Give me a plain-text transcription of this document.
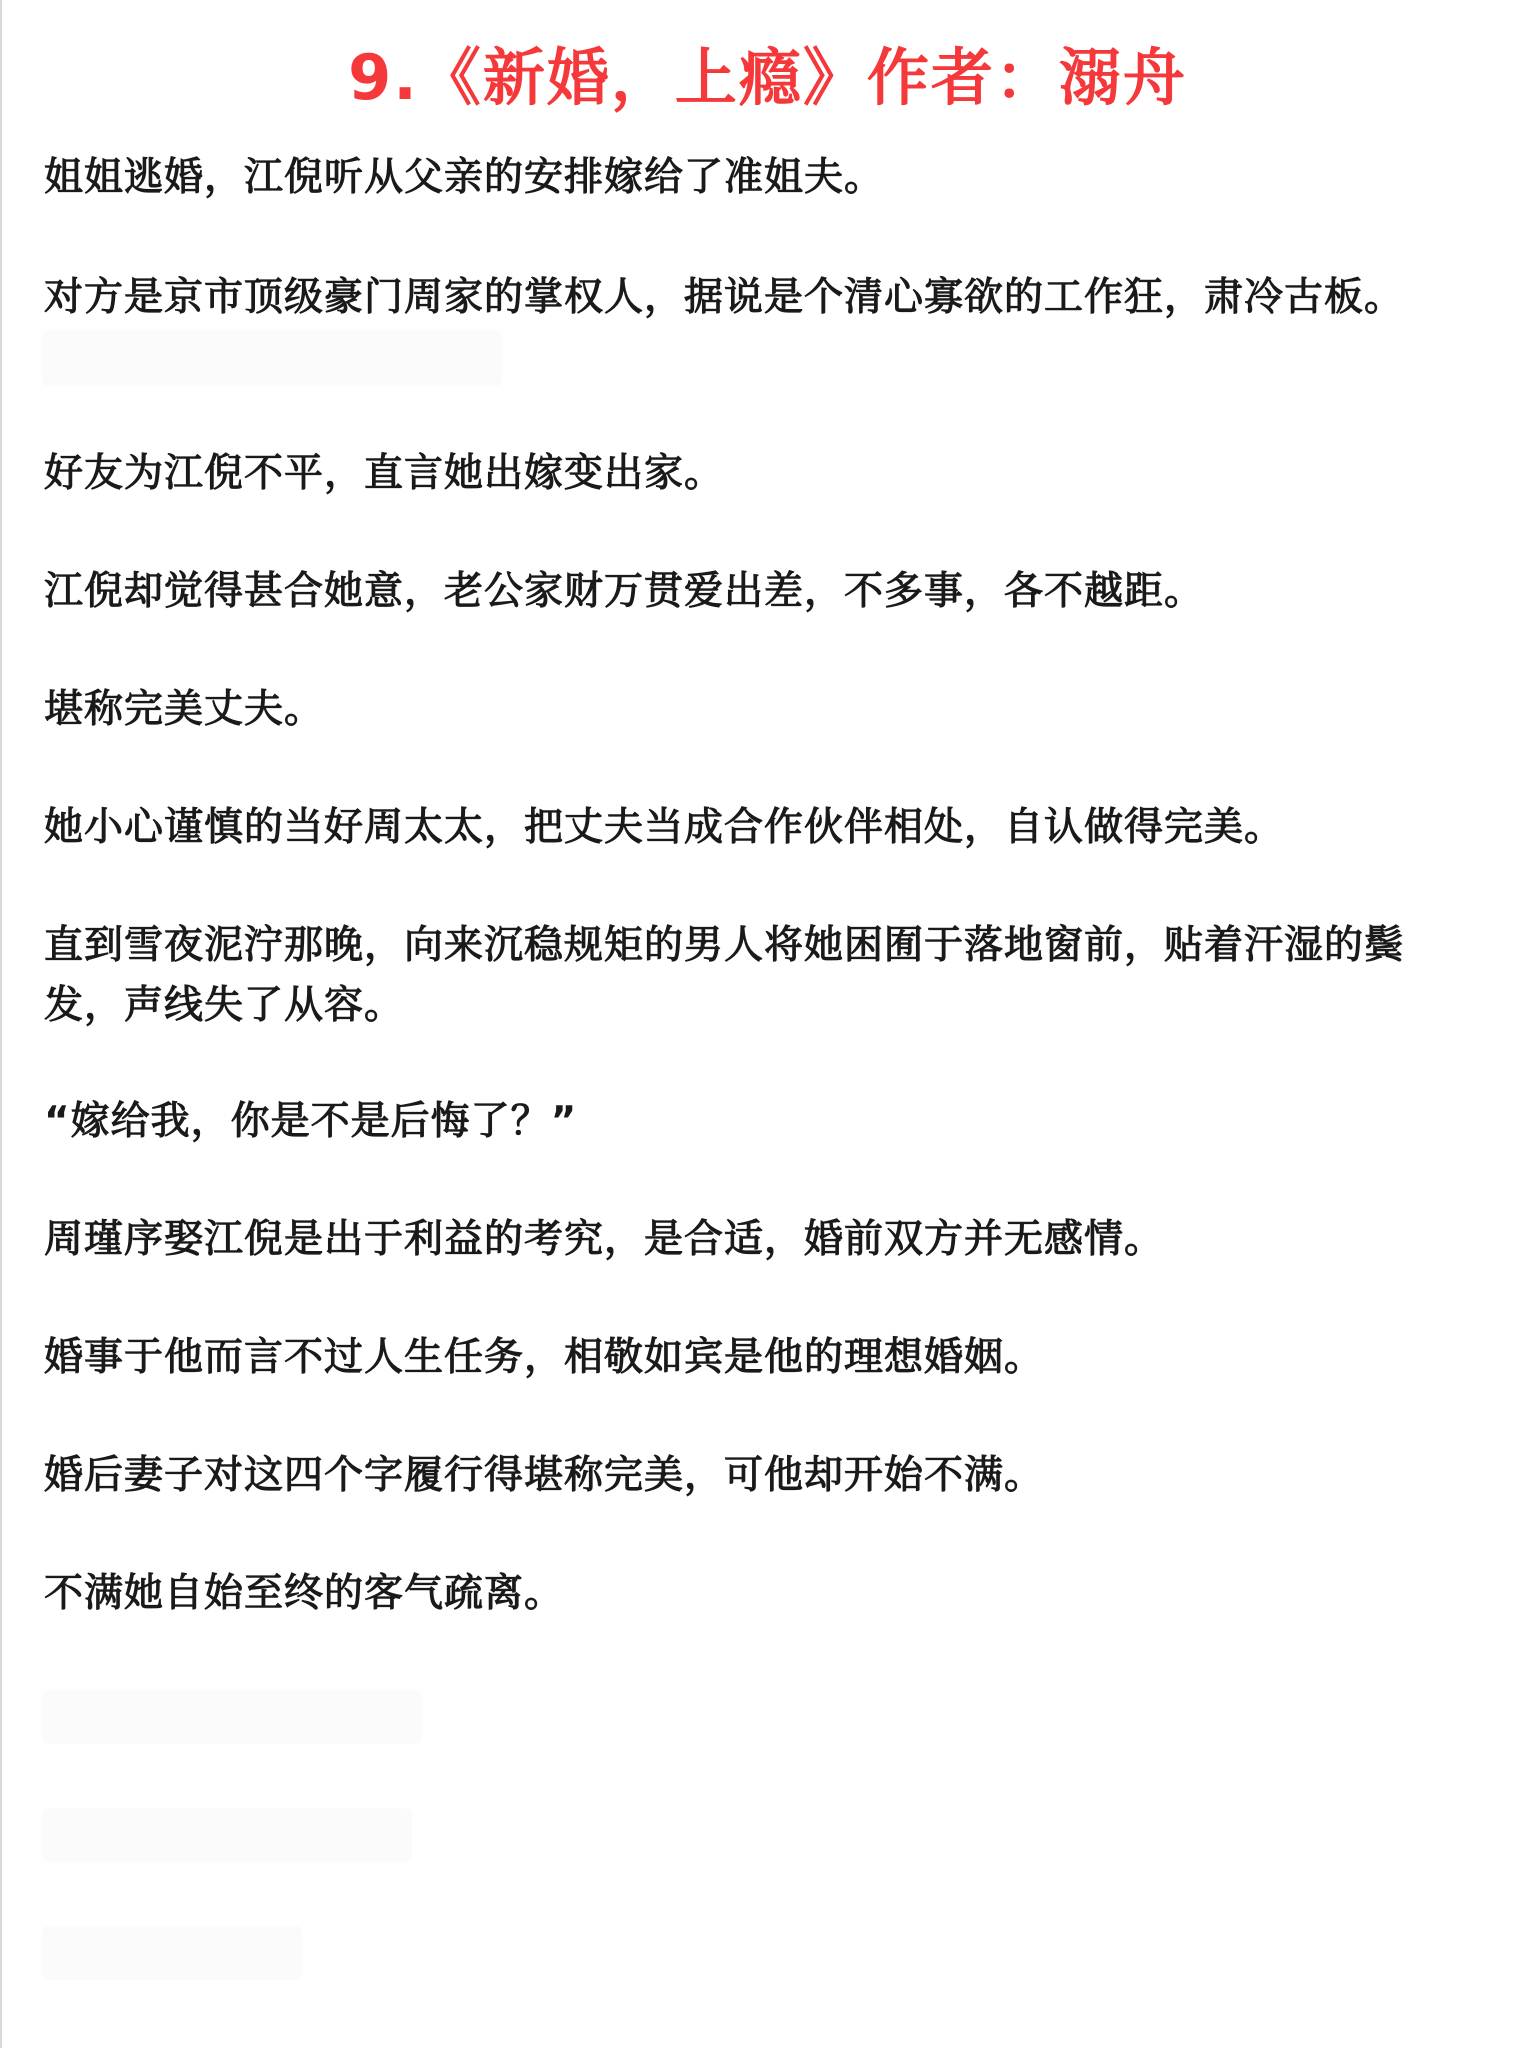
9.《新婚，上瘾》作者：溺舟
姐姐逃婚，江倪听从父亲的安排嫁给了准姐夫。
对方是京市顶级豪门周家的掌权人，据说是个清心寡欲的工作狂，肃冷古板。
好友为江倪不平，直言她出嫁变出家。
江倪却觉得甚合她意，老公家财万贯爱出差，不多事，各不越距。
堪称完美丈夫。
她小心谨慎的当好周太太，把丈夫当成合作伙伴相处，自认做得完美。
直到雪夜泥泞那晚，向来沉稳规矩的男人将她困囿于落地窗前，贴着汗湿的鬓
发，声线失了从容。
“嫁给我，你是不是后悔了？”
周瑾序娶江倪是出于利益的考究，是合适，婚前双方并无感情。
婚事于他而言不过人生任务，相敬如宾是他的理想婚姻。
婚后妻子对这四个字履行得堪称完美，可他却开始不满。
不满她自始至终的客气疏离。
